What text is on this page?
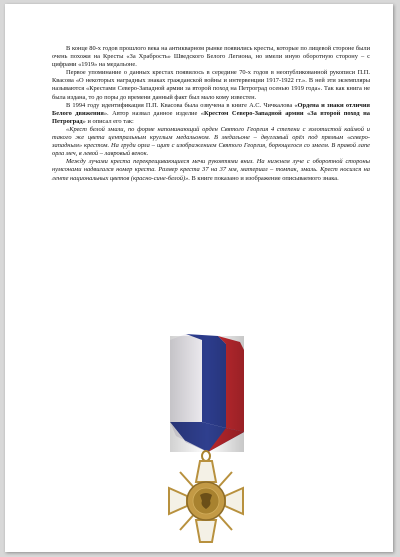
В конце 80-х годов прошлого века на антикварном рынке появились кресты, которые по лицевой стороне были очень похожи на Кресты «За Храбрость» Шведского Белого Легиона, но имели иную оборотную сторону – с цифрами «1919» на медальоне.

Первое упоминание о данных крестах появилось в середине 70-х годов в неопубликованной рукописи П.П. Квасова «О некоторых наградных знаках гражданской войны и интервенции 1917-1922 гг.». В ней эти экземпляры называются «Крестами Северо-Западной армии за второй поход на Петроград осенью 1919 года». Так как книга не была издана, то до поры до времени данный факт был мало кому известен.

В 1994 году идентификация П.П. Квасова была озвучена в книге А.С. Чичкалова «Ордена и знаки отличия Белого движения». Автор назвал данное изделие «Крестом Северо-Западной армии «За второй поход на Петроград» и описал его так:

«Крест белой эмали, по форме напоминающий орден Святого Георгия 4 степени с золотистой каймой и такого же цвета центральным круглым медальоном. В медальоне – двуглавый орёл под прямым «северо-западным» крестом. На груди орла – щит с изображением Святого Георгия, борющегося со змеем. В правой лапе орла меч, в левой – лавровый венок.

Между лучами креста перекрещивающиеся мечи рукоятями вниз. На нижнем луче с оборотной стороны нумсонами надвигался номер креста. Размер креста 37 на 37 мм, материал – томпак, эмаль. Крест носился на ленте национальных цветов (красно-сине-белой)». В книге показано и изображение описываемого знака.
